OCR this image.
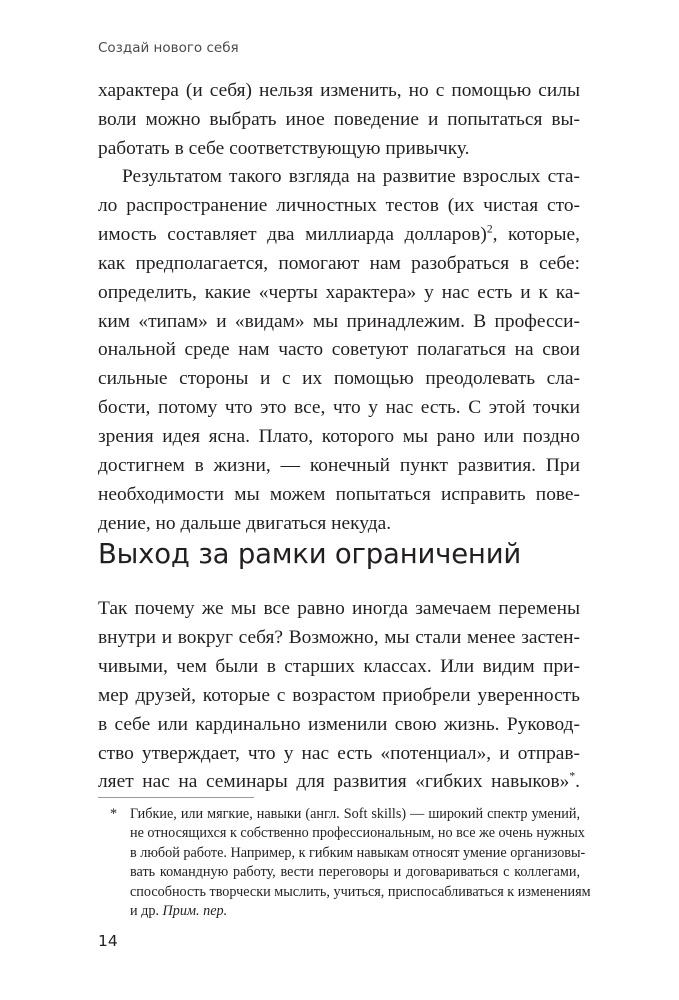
Создай нового себя
характера (и себя) нельзя изменить, но с помощью силы
воли можно выбрать иное поведение и попытаться вы-
работать в себе соответствующую привычку.
Результатом такого взгляда на развитие взрослых ста-
ло распространение личностных тестов (их чистая сто-
имость составляет два миллиарда долларов)$^2$, которые,
как предполагается, помогают нам разобраться в себе:
определить, какие «черты характера» у нас есть и к ка-
ким «типам» и «видам» мы принадлежим. В професси-
ональной среде нам часто советуют полагаться на свои
сильные стороны и с их помощью преодолевать сла-
бости, потому что это все, что у нас есть. С этой точки
зрения идея ясна. Плато, которого мы рано или поздно
достигнем в жизни, — конечный пункт развития. При
необходимости мы можем попытаться исправить пове-
дение, но дальше двигаться некуда.
Выход за рамки ограничений
Так почему же мы все равно иногда замечаем перемены
внутри и вокруг себя? Возможно, мы стали менее застен-
чивыми, чем были в старших классах. Или видим при-
мер друзей, которые с возрастом приобрели уверенность
в себе или кардинально изменили свою жизнь. Руковод-
ство утверждает, что у нас есть «потенциал», и отправ-
ляет нас на семинары для развития «гибких навыков»*.
* Гибкие, или мягкие, навыки (англ. Soft skills) — широкий спектр умений,
не относящихся к собственно профессиональным, но все же очень нужных
в любой работе. Например, к гибким навыкам относят умение организовы-
вать командную работу, вести переговоры и договариваться с коллегами,
способность творчески мыслить, учиться, приспосабливаться к изменениям
и др. Прим. пер.
14
